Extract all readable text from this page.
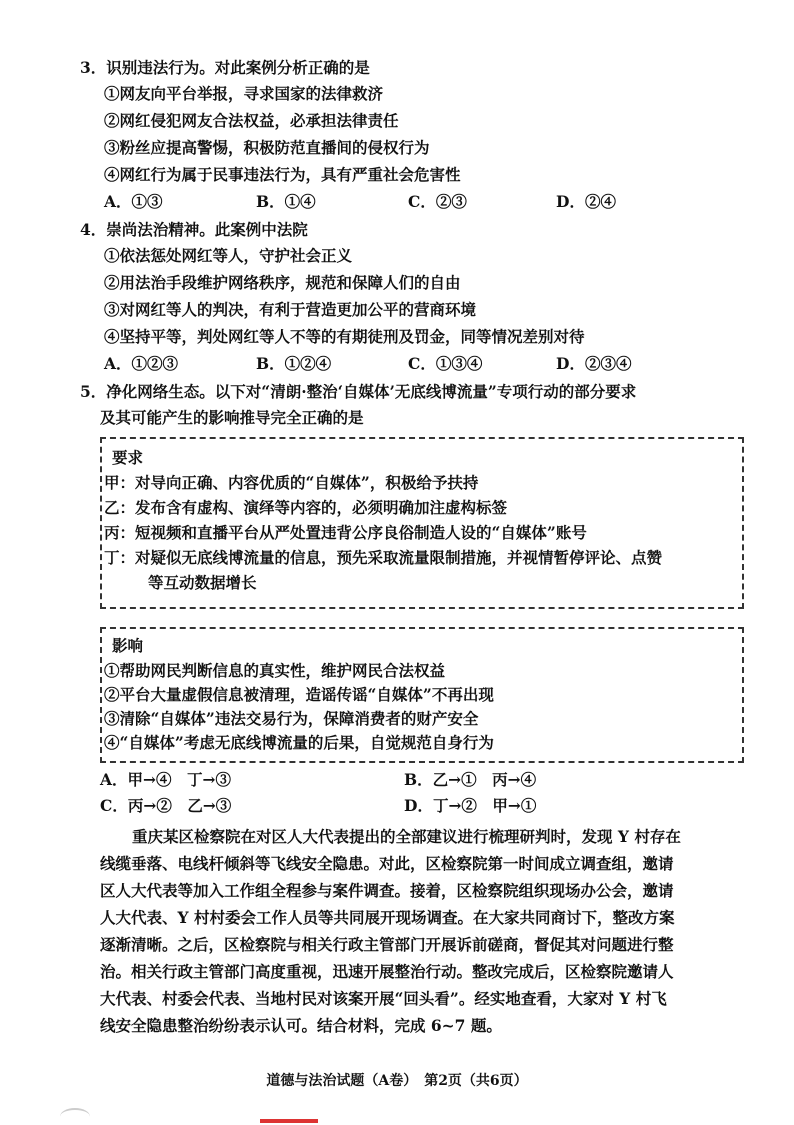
3．识别违法行为。对此案例分析正确的是
①网友向平台举报，寻求国家的法律救济
②网红侵犯网友合法权益，必承担法律责任
③粉丝应提高警惕，积极防范直播间的侵权行为
④网红行为属于民事违法行为，具有严重社会危害性
A．①③	B．①④	C．②③	D．②④
4．崇尚法治精神。此案例中法院
①依法惩处网红等人，守护社会正义
②用法治手段维护网络秩序，规范和保障人们的自由
③对网红等人的判决，有利于营造更加公平的营商环境
④坚持平等，判处网红等人不等的有期徒刑及罚金，同等情况差别对待
A．①②③	B．①②④	C．①③④	D．②③④
5．净化网络生态。以下对“清朗·整治‘自媒体’无底线博流量”专项行动的部分要求
及其可能产生的影响推导完全正确的是
要求
甲：对导向正确、内容优质的“自媒体”，积极给予扶持
乙：发布含有虚构、演绎等内容的，必须明确加注虚构标签
丙：短视频和直播平台从严处置违背公序良俗制造人设的“自媒体”账号
丁：对疑似无底线博流量的信息，预先采取流量限制措施，并视情暂停评论、点赞
等互动数据增长
影响
①帮助网民判断信息的真实性，维护网民合法权益
②平台大量虚假信息被清理，造谣传谣“自媒体”不再出现
③清除“自媒体”违法交易行为，保障消费者的财产安全
④“自媒体”考虑无底线博流量的后果，自觉规范自身行为
A．甲→④　丁→③	B．乙→①　丙→④
C．丙→②　乙→③	D．丁→②　甲→①
重庆某区检察院在对区人大代表提出的全部建议进行梳理研判时，发现 Y 村存在
线缆垂落、电线杆倾斜等飞线安全隐患。对此，区检察院第一时间成立调查组，邀请
区人大代表等加入工作组全程参与案件调查。接着，区检察院组织现场办公会，邀请
人大代表、Y 村村委会工作人员等共同展开现场调查。在大家共同商讨下，整改方案
逐渐清晰。之后，区检察院与相关行政主管部门开展诉前磋商，督促其对问题进行整
治。相关行政主管部门高度重视，迅速开展整治行动。整改完成后，区检察院邀请人
大代表、村委会代表、当地村民对该案开展“回头看”。经实地查看，大家对 Y 村飞
线安全隐患整治纷纷表示认可。结合材料，完成 6~7 题。
道德与法治试题（A卷）　第2页（共6页）
